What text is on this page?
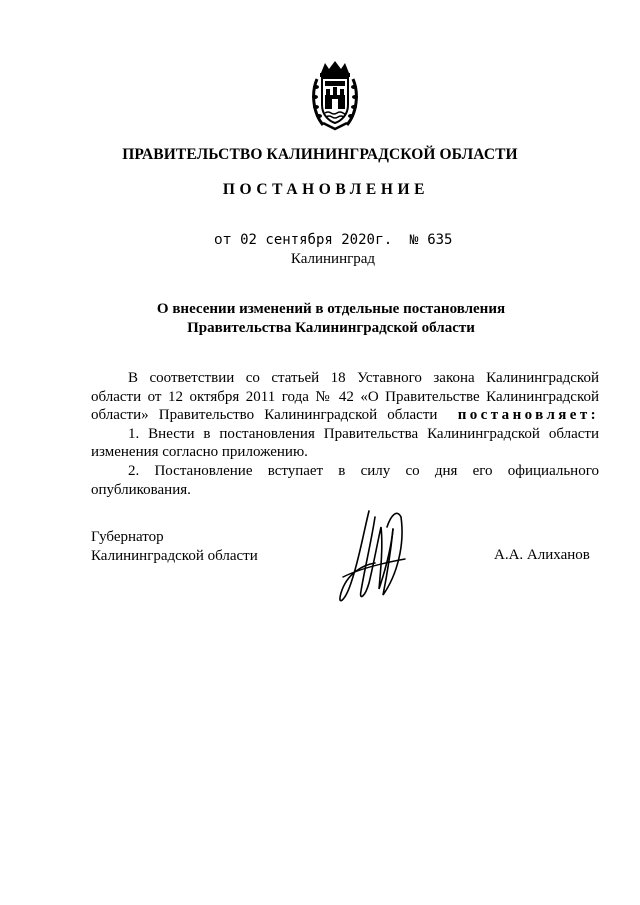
ПРАВИТЕЛЬСТВО КАЛИНИНГРАДСКОЙ ОБЛАСТИ
ПОСТАНОВЛЕНИЕ
от 02 сентября 2020г. № 635
Калининград
О внесении изменений в отдельные постановления
Правительства Калининградской области

В соответствии со статьей 18 Уставного закона Калининградской

области от 12 октября 2011 года № 42 «О Правительстве Калининградской

области» Правительство Калининградской области постановляет:

1. Внести в постановления Правительства Калининградской области изменения согласно приложению.

2. Постановление вступает в силу со дня его официального опубликования.

Губернатор
Калининградской области	А.А. Алиханов
